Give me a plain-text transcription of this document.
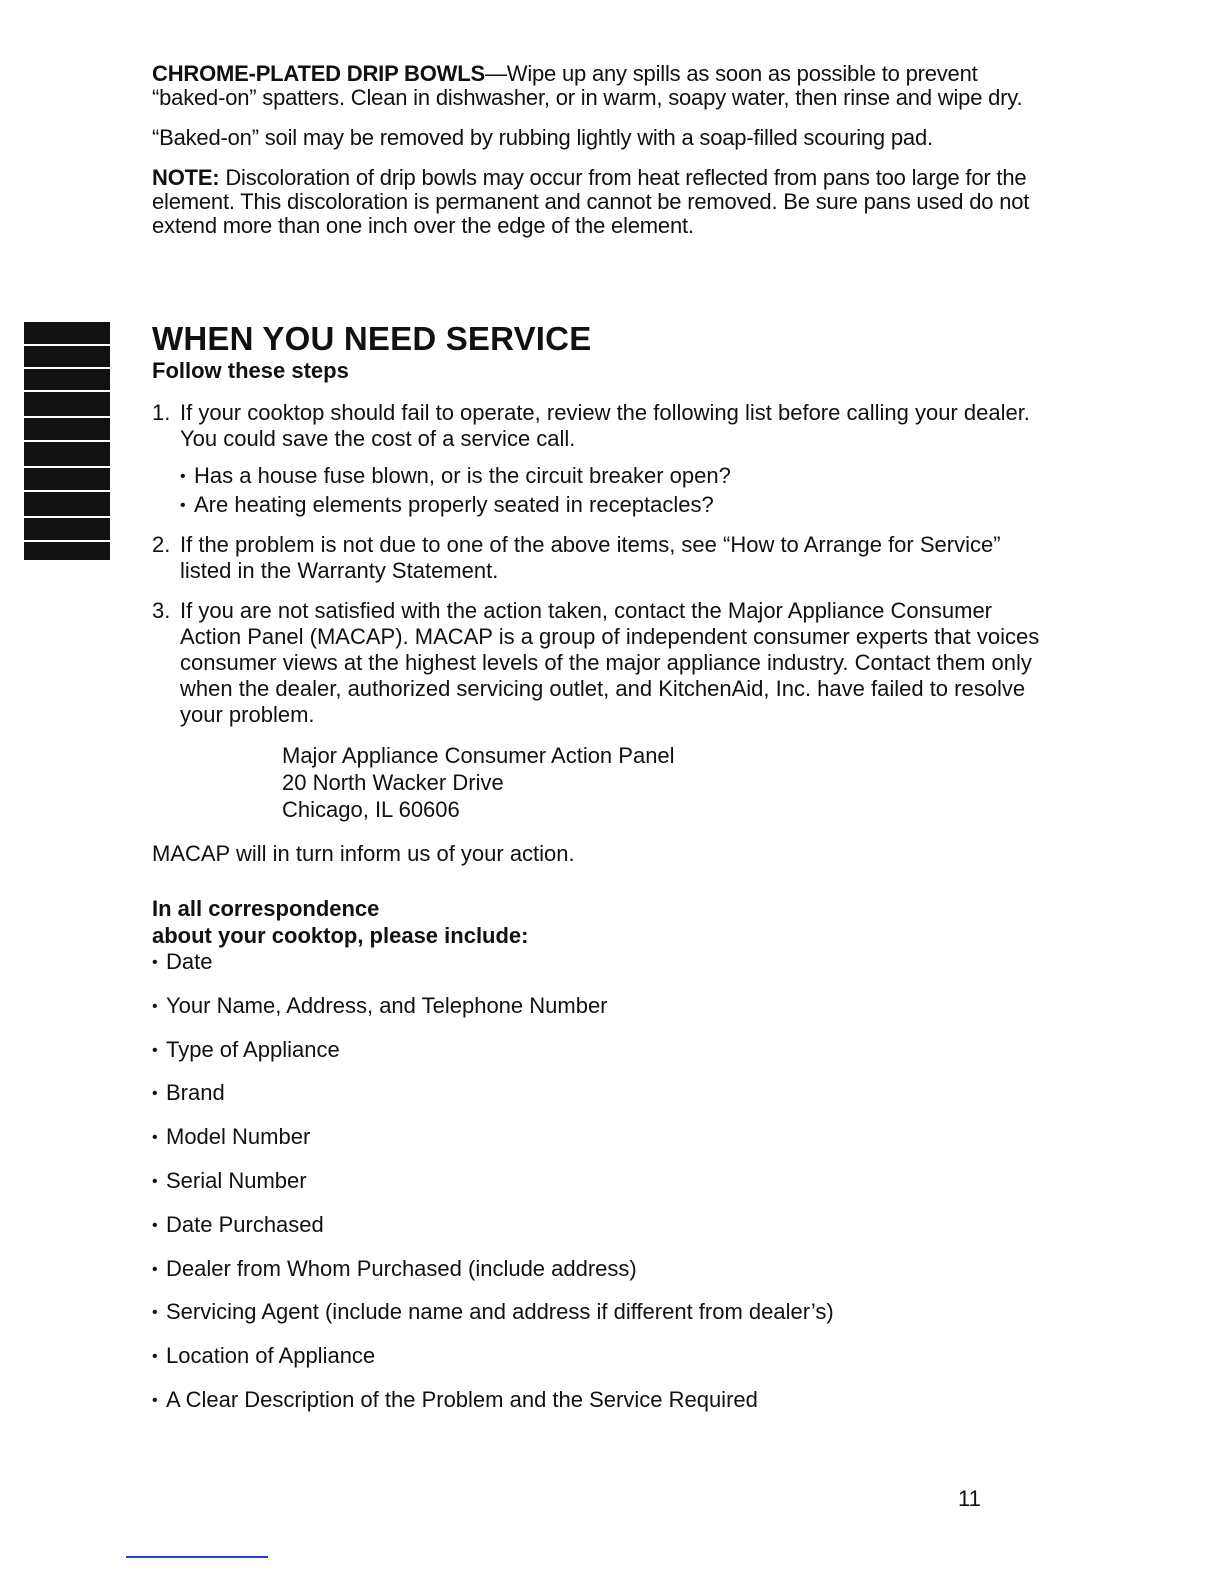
CHROME-PLATED DRIP BOWLS—Wipe up any spills as soon as possible to prevent “baked-on” spatters. Clean in dishwasher, or in warm, soapy water, then rinse and wipe dry.

“Baked-on” soil may be removed by rubbing lightly with a soap-filled scouring pad.

NOTE: Discoloration of drip bowls may occur from heat reflected from pans too large for the element. This discoloration is permanent and cannot be removed. Be sure pans used do not extend more than one inch over the edge of the element.

WHEN YOU NEED SERVICE
Follow these steps
1. If your cooktop should fail to operate, review the following list before calling your dealer. You could save the cost of a service call.
• Has a house fuse blown, or is the circuit breaker open?
• Are heating elements properly seated in receptacles?
2. If the problem is not due to one of the above items, see “How to Arrange for Service” listed in the Warranty Statement.
3. If you are not satisfied with the action taken, contact the Major Appliance Consumer Action Panel (MACAP). MACAP is a group of independent consumer experts that voices consumer views at the highest levels of the major appliance industry. Contact them only when the dealer, authorized servicing outlet, and KitchenAid, Inc. have failed to resolve your problem.
Major Appliance Consumer Action Panel
20 North Wacker Drive
Chicago, IL 60606

MACAP will in turn inform us of your action.

In all correspondence
about your cooktop, please include:
• Date
• Your Name, Address, and Telephone Number
• Type of Appliance
• Brand
• Model Number
• Serial Number
• Date Purchased
• Dealer from Whom Purchased (include address)
• Servicing Agent (include name and address if different from dealer’s)
• Location of Appliance
• A Clear Description of the Problem and the Service Required
11
